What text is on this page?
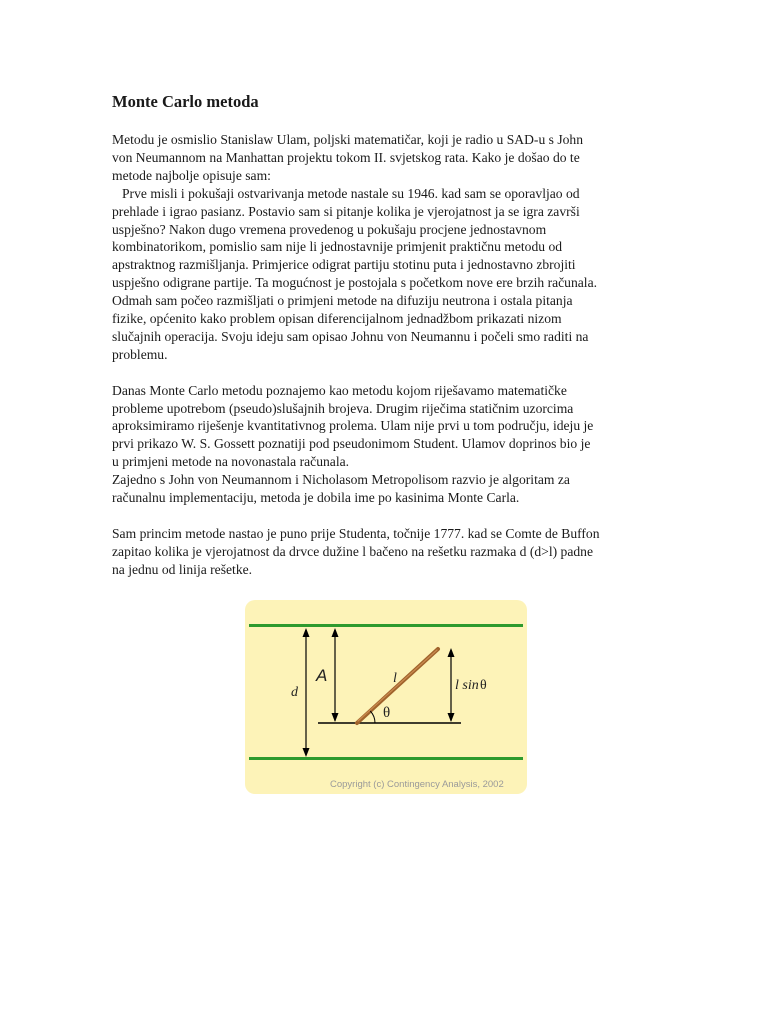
Monte Carlo metoda

Metodu je osmislio Stanislaw Ulam, poljski matematičar, koji je radio u SAD-u s John
von Neumannom na Manhattan projektu tokom II. svjetskog rata. Kako je došao do te
metode najbolje opisuje sam:
Prve misli i pokušaji ostvarivanja metode nastale su 1946. kad sam se oporavljao od
prehlade i igrao pasianz. Postavio sam si pitanje kolika je vjerojatnost ja se igra završi
uspješno? Nakon dugo vremena provedenog u pokušaju procjene jednostavnom
kombinatorikom, pomislio sam nije li jednostavnije primjenit praktičnu metodu od
apstraktnog razmišljanja. Primjerice odigrat partiju stotinu puta i jednostavno zbrojiti
uspješno odigrane partije. Ta mogućnost je postojala s početkom nove ere brzih računala.
Odmah sam počeo razmišljati o primjeni metode na difuziju neutrona i ostala pitanja
fizike, općenito kako problem opisan diferencijalnom jednadžbom prikazati nizom
slučajnih operacija. Svoju ideju sam opisao Johnu von Neumannu i počeli smo raditi na
problemu.

Danas Monte Carlo metodu poznajemo kao metodu kojom riješavamo matematičke
probleme upotrebom (pseudo)slušajnih brojeva. Drugim riječima statičnim uzorcima
aproksimiramo riješenje kvantitativnog prolema. Ulam nije prvi u tom području, ideju je
prvi prikazo W. S. Gossett poznatiji pod pseudonimom Student. Ulamov doprinos bio je
u primjeni metode na novonastala računala.
Zajedno s John von Neumannom i Nicholasom Metropolisom razvio je algoritam za
računalnu implementaciju, metoda je dobila ime po kasinima Monte Carla.

Sam princim metode nastao je puno prije Studenta, točnije 1777. kad se Comte de Buffon
zapitao kolika je vjerojatnost da drvce dužine l bačeno na rešetku razmaka d (d>l) padne
na jednu od linija rešetke.

d
A	l
θ
l sin θ
Copyright (c) Contingency Analysis, 2002
